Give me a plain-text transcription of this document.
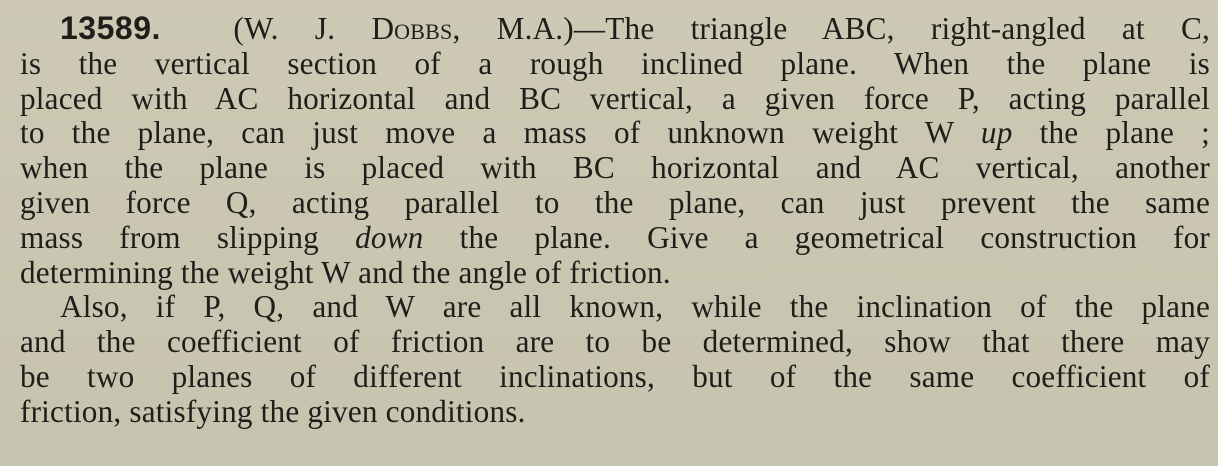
13589. (W. J. Dobbs, M.A.)—The triangle ABC, right-angled at C,
is the vertical section of a rough inclined plane. When the plane is
placed with AC horizontal and BC vertical, a given force P, acting parallel
to the plane, can just move a mass of unknown weight W up the plane ;
when the plane is placed with BC horizontal and AC vertical, another
given force Q, acting parallel to the plane, can just prevent the same
mass from slipping down the plane. Give a geometrical construction for
determining the weight W and the angle of friction.

Also, if P, Q, and W are all known, while the inclination of the plane
and the coefficient of friction are to be determined, show that there may
be two planes of different inclinations, but of the same coefficient of
friction, satisfying the given conditions.
